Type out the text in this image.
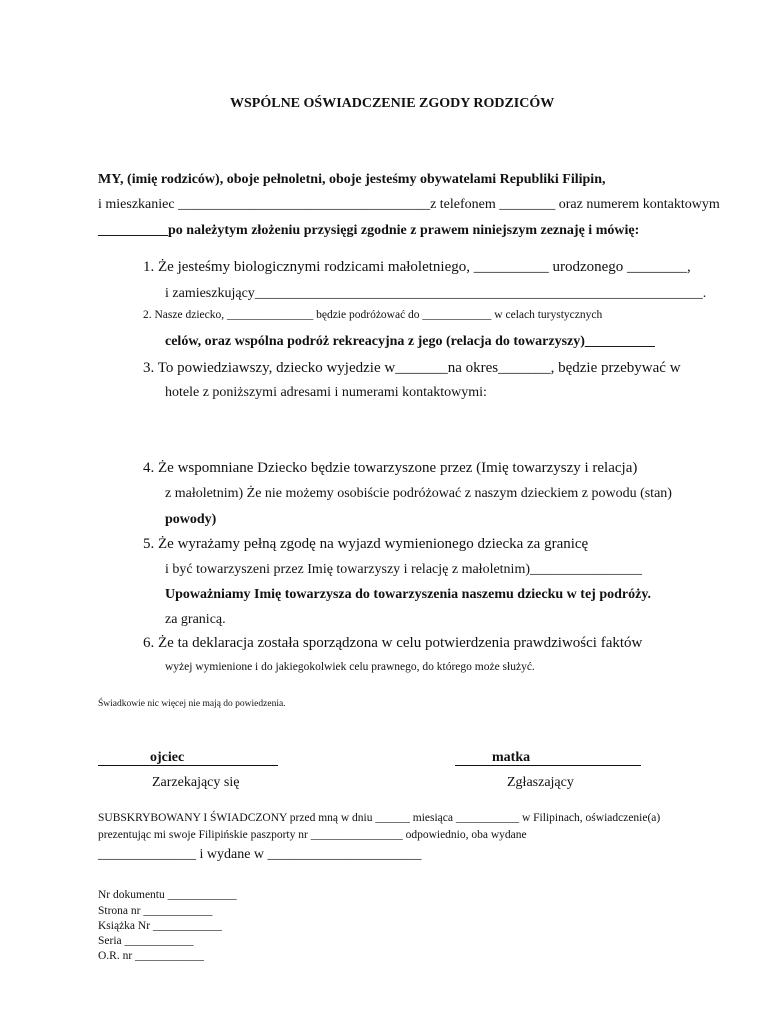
WSPÓLNE OŚWIADCZENIE ZGODY RODZICÓW
MY, (imię rodziców), oboje pełnoletni, oboje jesteśmy obywatelami Republiki Filipin,
i mieszkaniec ____________________________________z telefonem ________ oraz numerem kontaktowym
__________po należytym złożeniu przysięgi zgodnie z prawem niniejszym zeznaję i mówię:
1. Że jesteśmy biologicznymi rodzicami małoletniego, __________ urodzonego ________,
i zamieszkujący________________________________________________________________.
2. Nasze dziecko, _______________ będzie podróżować do ____________ w celach turystycznych
celów, oraz wspólna podróż rekreacyjna z jego (relacja do towarzyszy)__________
3. To powiedziawszy, dziecko wyjedzie w_______na okres_______, będzie przebywać w
hotele z poniższymi adresami i numerami kontaktowymi:
4. Że wspomniane Dziecko będzie towarzyszone przez (Imię towarzyszy i relacja)
z małoletnim) Że nie możemy osobiście podróżować z naszym dzieckiem z powodu (stan)
powody)
5. Że wyrażamy pełną zgodę na wyjazd wymienionego dziecka za granicę
i być towarzyszeni przez Imię towarzyszy i relację z małoletnim)________________
Upoważniamy Imię towarzysza do towarzyszenia naszemu dziecku w tej podróży.
za granicą.
6. Że ta deklaracja została sporządzona w celu potwierdzenia prawdziwości faktów
wyżej wymienione i do jakiegokolwiek celu prawnego, do którego może służyć.
Świadkowie nic więcej nie mają do powiedzenia.
ojciec	matka
Zarzekający się	Zgłaszający
SUBSKRYBOWANY I ŚWIADCZONY przed mną w dniu ______ miesiąca ___________ w Filipinach, oświadczenie(a)
prezentując mi swoje Filipińskie paszporty nr ________________ odpowiednio, oba wydane
______________ i wydane w ______________________
Nr dokumentu ____________
Strona nr ____________
Książka Nr ____________
Seria ____________
O.R. nr ____________
